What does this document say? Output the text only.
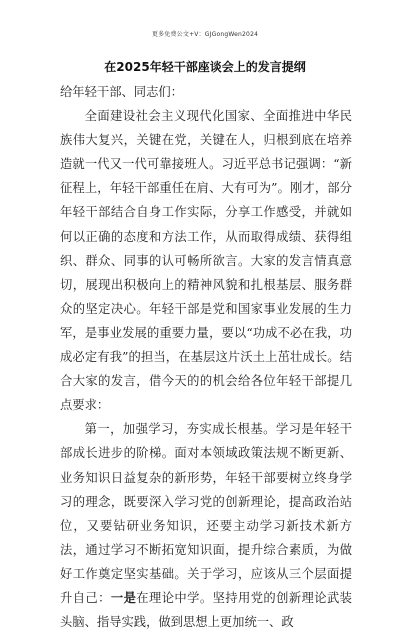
更多免费公文+V：GJGongWen2024
在2025年轻干部座谈会上的发言提纲

给年轻干部、同志们：

全面建设社会主义现代化国家、全面推进中华民族伟大复兴，关键在党，关键在人，归根到底在培养造就一代又一代可靠接班人。习近平总书记强调：“新征程上，年轻干部重任在肩、大有可为”。刚才，部分年轻干部结合自身工作实际，分享工作感受，并就如何以正确的态度和方法工作，从而取得成绩、获得组织、群众、同事的认可畅所欲言。大家的发言情真意切，展现出积极向上的精神风貌和扎根基层、服务群众的坚定决心。年轻干部是党和国家事业发展的生力军，是事业发展的重要力量，要以“功成不必在我，功成必定有我”的担当，在基层这片沃土上茁壮成长。结合大家的发言，借今天的的机会给各位年轻干部提几点要求：

第一，加强学习，夯实成长根基。学习是年轻干部成长进步的阶梯。面对本领域政策法规不断更新、业务知识日益复杂的新形势，年轻干部要树立终身学习的理念，既要深入学习党的创新理论，提高政治站位，又要钻研业务知识，还要主动学习新技术新方法，通过学习不断拓宽知识面，提升综合素质，为做好工作奠定坚实基础。关于学习，应该从三个层面提升自己：一是在理论中学。坚持用党的创新理论武装头脑、指导实践，做到思想上更加统一、政
